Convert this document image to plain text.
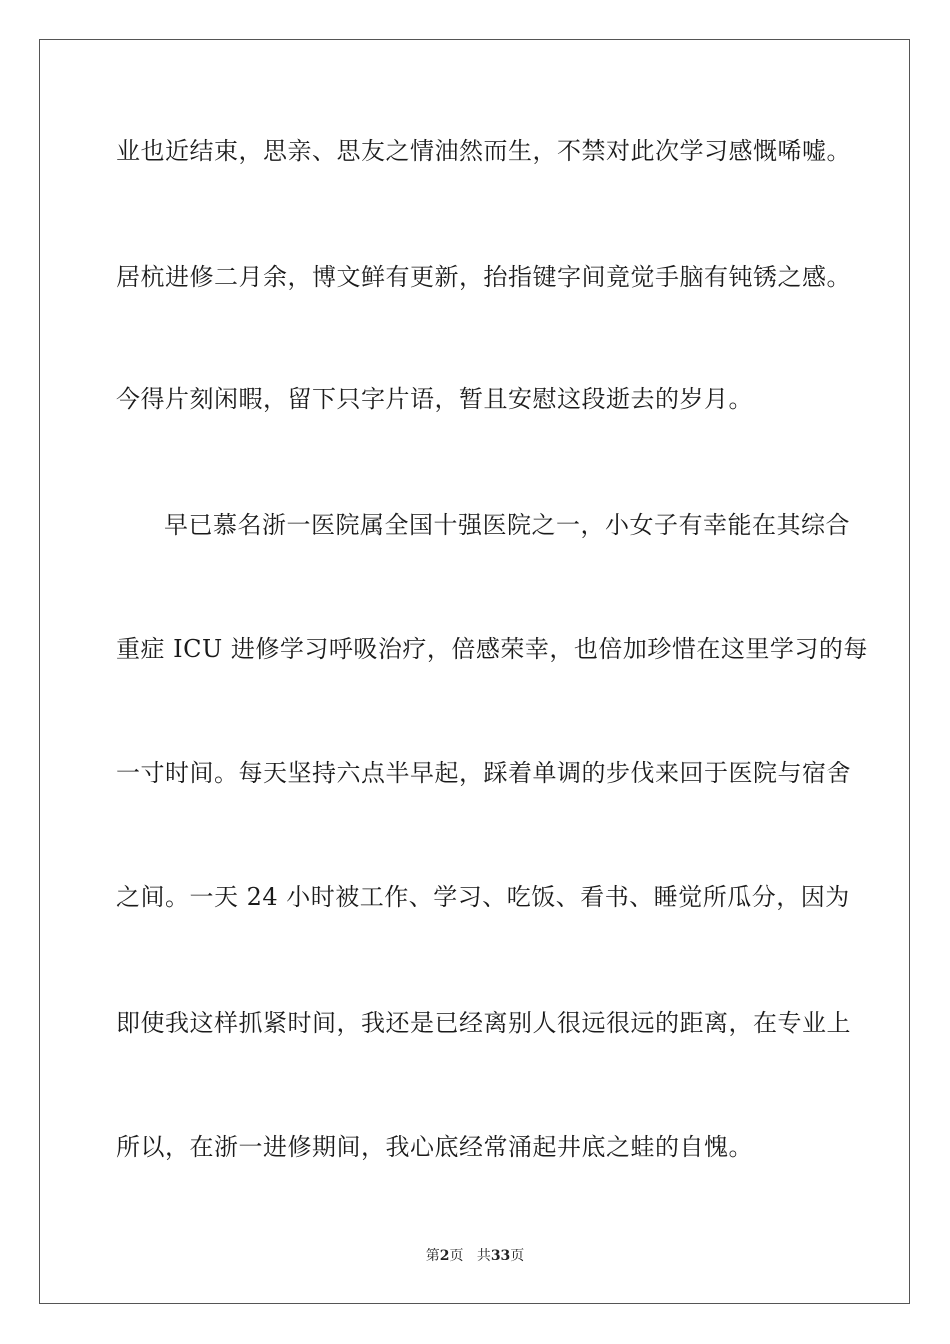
业也近结束，思亲、思友之情油然而生，不禁对此次学习感慨唏嘘。
居杭进修二月余，博文鲜有更新，抬指键字间竟觉手脑有钝锈之感。
今得片刻闲暇，留下只字片语，暂且安慰这段逝去的岁月。
早已慕名浙一医院属全国十强医院之一，小女子有幸能在其综合
重症 ICU 进修学习呼吸治疗，倍感荣幸，也倍加珍惜在这里学习的每
一寸时间。每天坚持六点半早起，踩着单调的步伐来回于医院与宿舍
之间。一天 24 小时被工作、学习、吃饭、看书、睡觉所瓜分，因为
即使我这样抓紧时间，我还是已经离别人很远很远的距离，在专业上
所以，在浙一进修期间，我心底经常涌起井底之蛙的自愧。
第2页 共33页
